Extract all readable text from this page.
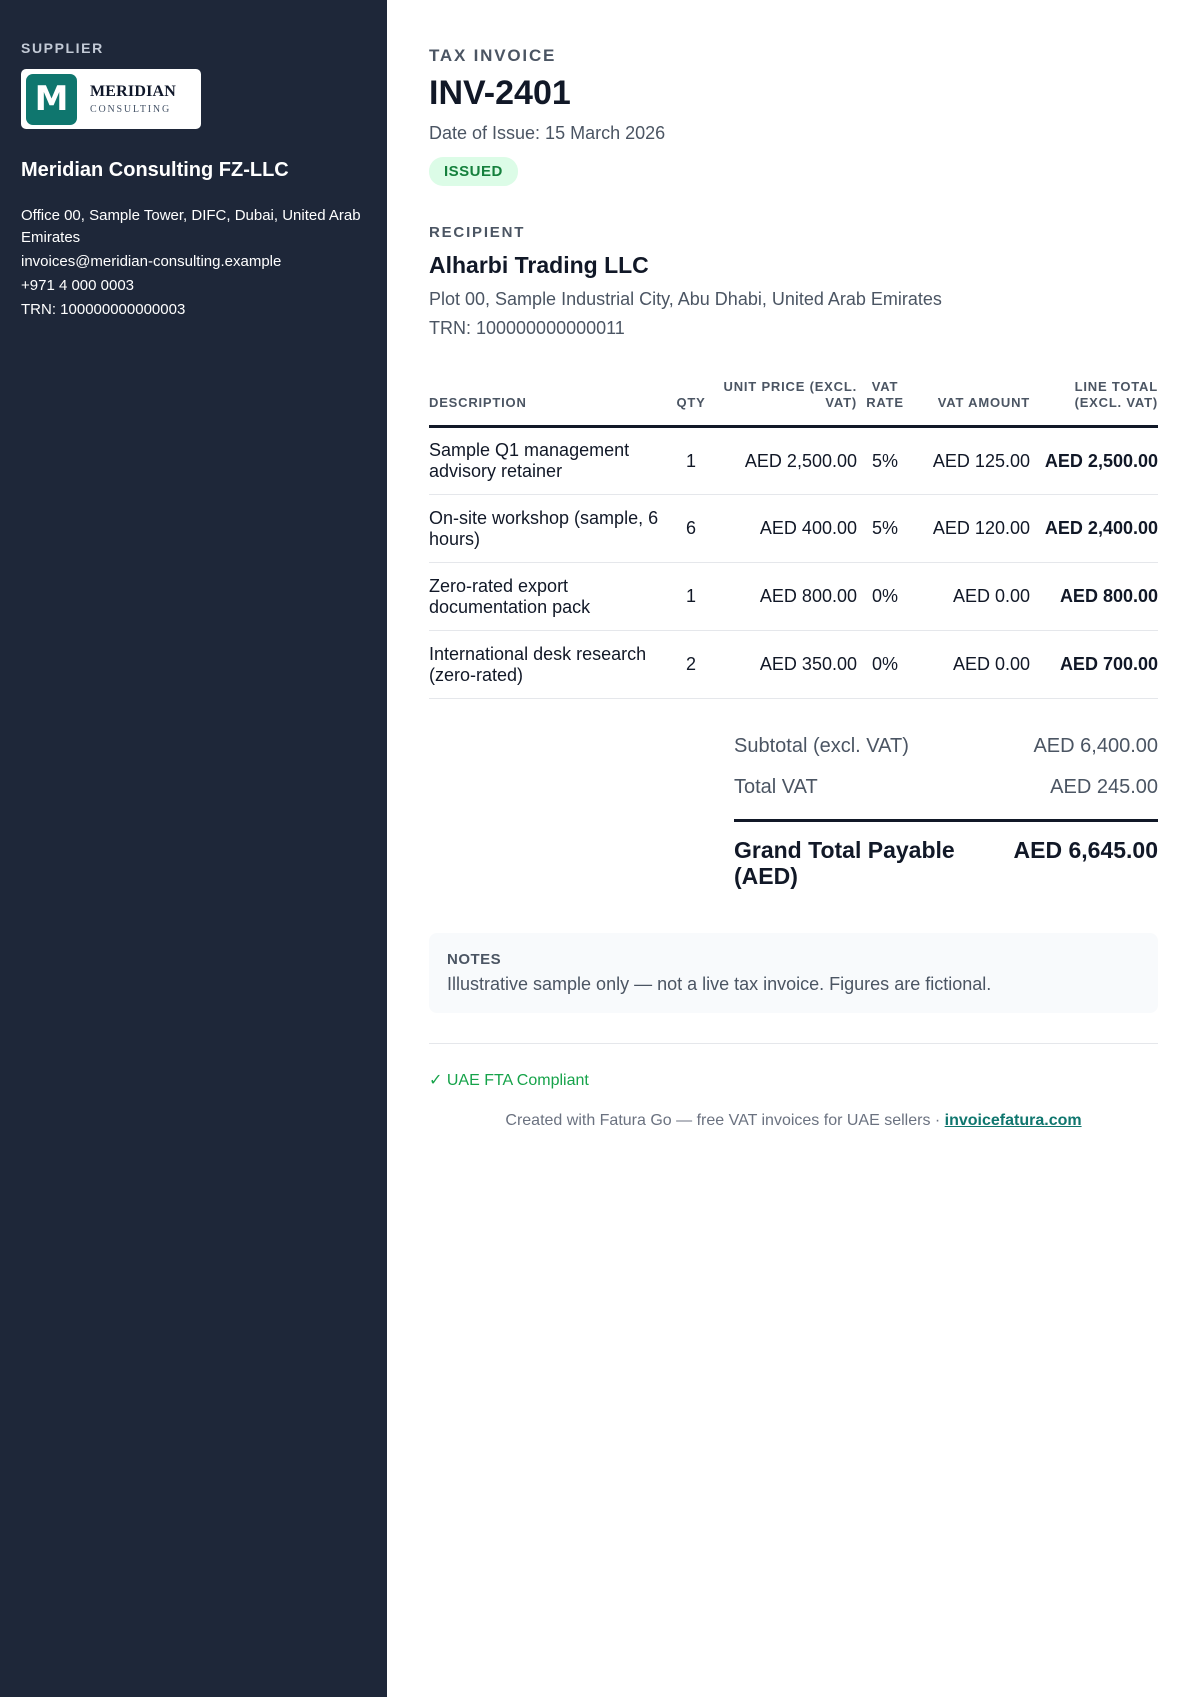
SUPPLIER
M	MERIDIAN
CONSULTING
Meridian Consulting FZ-LLC
Office 00, Sample Tower, DIFC, Dubai, United Arab Emirates
invoices@meridian-consulting.example
+971 4 000 0003
TRN: 100000000000003
TAX INVOICE
INV-2401
Date of Issue: 15 March 2026
ISSUED
RECIPIENT
Alharbi Trading LLC
Plot 00, Sample Industrial City, Abu Dhabi, United Arab Emirates
TRN: 100000000000011
DESCRIPTION	QTY	UNIT PRICE (EXCL. VAT)	VAT RATE	VAT AMOUNT	LINE TOTAL (EXCL. VAT)
Sample Q1 management advisory retainer	1	AED 2,500.00	5%	AED 125.00	AED 2,500.00
On-site workshop (sample, 6 hours)	6	AED 400.00	5%	AED 120.00	AED 2,400.00
Zero-rated export documentation pack	1	AED 800.00	0%	AED 0.00	AED 800.00
International desk research (zero-rated)	2	AED 350.00	0%	AED 0.00	AED 700.00
Subtotal (excl. VAT)	AED 6,400.00
Total VAT	AED 245.00
Grand Total Payable (AED)
AED 6,645.00
NOTES
Illustrative sample only — not a live tax invoice. Figures are fictional.
✓ UAE FTA Compliant
Created with Fatura Go — free VAT invoices for UAE sellers · invoicefatura.com
